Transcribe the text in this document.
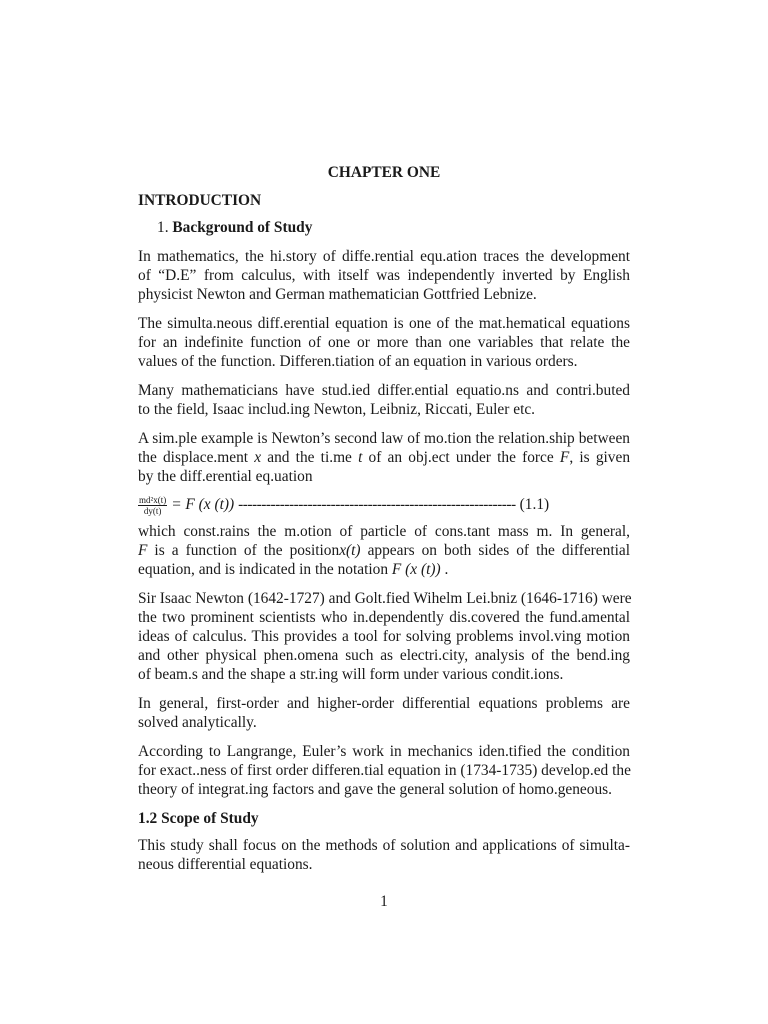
CHAPTER ONE
INTRODUCTION
1. Background of Study
In mathematics, the hi.story of diffe.rential equ.ation traces the development
of “D.E” from calculus, with itself was independently inverted by English
physicist Newton and German mathematician Gottfried Lebnize.
The simulta.neous diff.erential equation is one of the mat.hematical equations
for an indefinite function of one or more than one variables that relate the
values of the function. Differen.tiation of an equation in various orders.
Many mathematicians have stud.ied differ.ential equatio.ns and contri.buted
to the field, Isaac includ.ing Newton, Leibniz, Riccati, Euler etc.
A sim.ple example is Newton’s second law of mo.tion the relation.ship between
the displace.ment x and the ti.me t of an obj.ect under the force F, is given
by the diff.erential eq.uation
$\frac{\text{md²x(t)}}{dy(t)} = F$ (x (t)) ------------------------------------------------------------ (1.1)
which const.rains the m.otion of particle of cons.tant mass m. In general,
F is a function of the positionx(t) appears on both sides of the differential
equation, and is indicated in the notation F (x (t)) .
Sir Isaac Newton (1642-1727) and Golt.fied Wihelm Lei.bniz (1646-1716) were
the two prominent scientists who in.dependently dis.covered the fund.amental
ideas of calculus. This provides a tool for solving problems invol.ving motion
and other physical phen.omena such as electri.city, analysis of the bend.ing
of beam.s and the shape a str.ing will form under various condit.ions.
In general, first-order and higher-order differential equations problems are
solved analytically.
According to Langrange, Euler’s work in mechanics iden.tified the condition
for exact..ness of first order differen.tial equation in (1734-1735) develop.ed the
theory of integrat.ing factors and gave the general solution of homo.geneous.
1.2 Scope of Study
This study shall focus on the methods of solution and applications of simulta-
neous differential equations.
1
